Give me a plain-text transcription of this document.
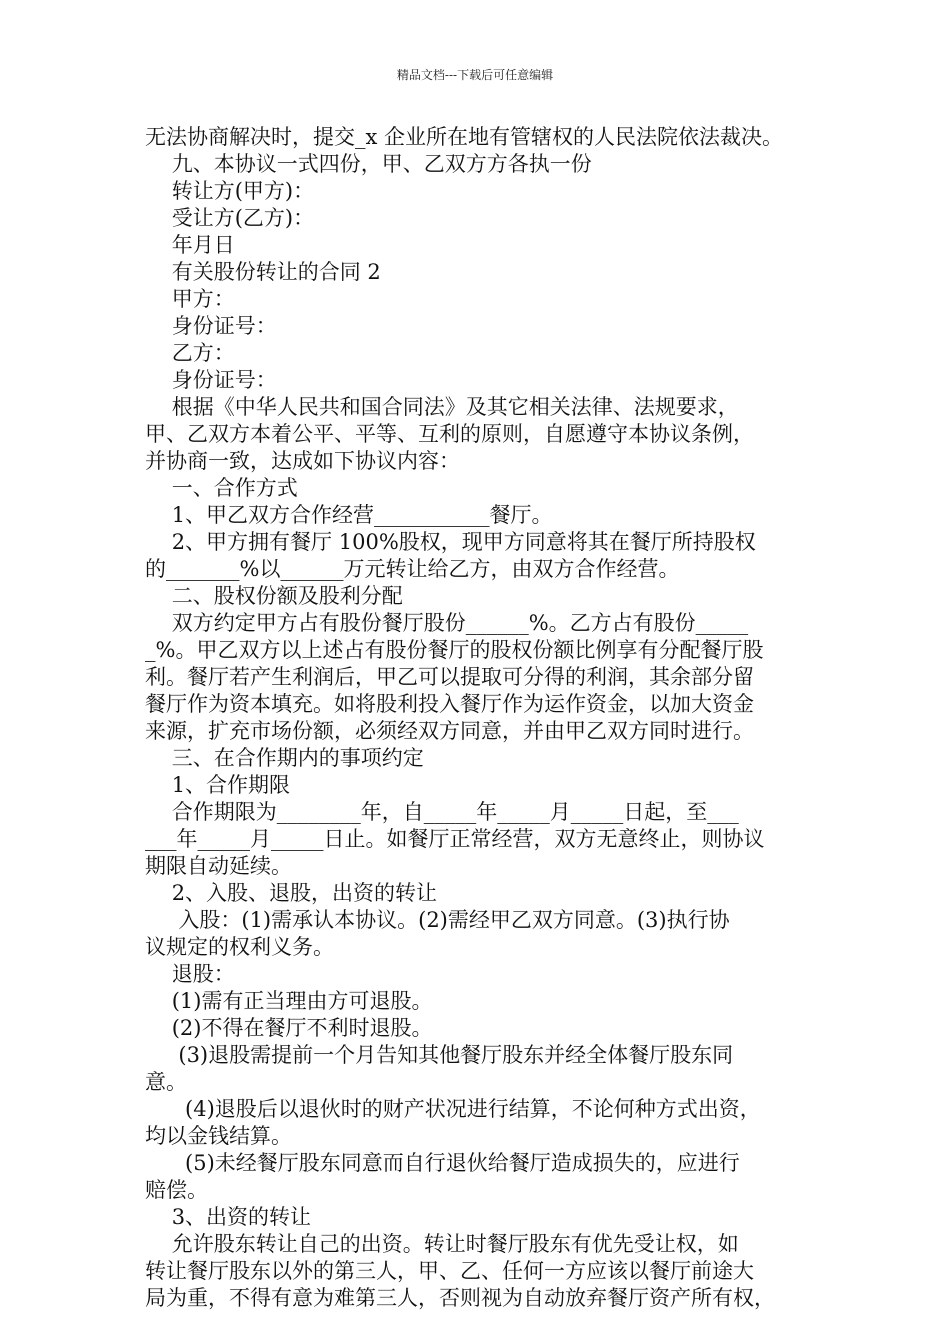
精品文档---下载后可任意编辑
无法协商解决时，提交_x 企业所在地有管辖权的人民法院依法裁决。
九、本协议一式四份，甲、乙双方方各执一份
转让方(甲方)：
受让方(乙方)：
年月日
有关股份转让的合同 2
甲方：
身份证号：
乙方：
身份证号：
根据《中华人民共和国合同法》及其它相关法律、法规要求，
甲、乙双方本着公平、平等、互利的原则，自愿遵守本协议条例，
并协商一致，达成如下协议内容：
一、合作方式
1、甲乙双方合作经营___________餐厅。
2、甲方拥有餐厅 100%股权，现甲方同意将其在餐厅所持股权
的_______%以______万元转让给乙方，由双方合作经营。
二、股权份额及股利分配
双方约定甲方占有股份餐厅股份______%。乙方占有股份_____
_%。甲乙双方以上述占有股份餐厅的股权份额比例享有分配餐厅股
利。餐厅若产生利润后，甲乙可以提取可分得的利润，其余部分留
餐厅作为资本填充。如将股利投入餐厅作为运作资金，以加大资金
来源，扩充市场份额，必须经双方同意，并由甲乙双方同时进行。
三、在合作期内的事项约定
1、合作期限
合作期限为________年，自_____年_____月_____日起，至___
___年_____月_____日止。如餐厅正常经营，双方无意终止，则协议
期限自动延续。
2、入股、退股，出资的转让
入股：(1)需承认本协议。(2)需经甲乙双方同意。(3)执行协
议规定的权利义务。
退股：
(1)需有正当理由方可退股。
(2)不得在餐厅不利时退股。
(3)退股需提前一个月告知其他餐厅股东并经全体餐厅股东同
意。
(4)退股后以退伙时的财产状况进行结算，不论何种方式出资，
均以金钱结算。
(5)未经餐厅股东同意而自行退伙给餐厅造成损失的，应进行
赔偿。
3、出资的转让
允许股东转让自己的出资。转让时餐厅股东有优先受让权，如
转让餐厅股东以外的第三人，甲、乙、任何一方应该以餐厅前途大
局为重，不得有意为难第三人，否则视为自动放弃餐厅资产所有权，
